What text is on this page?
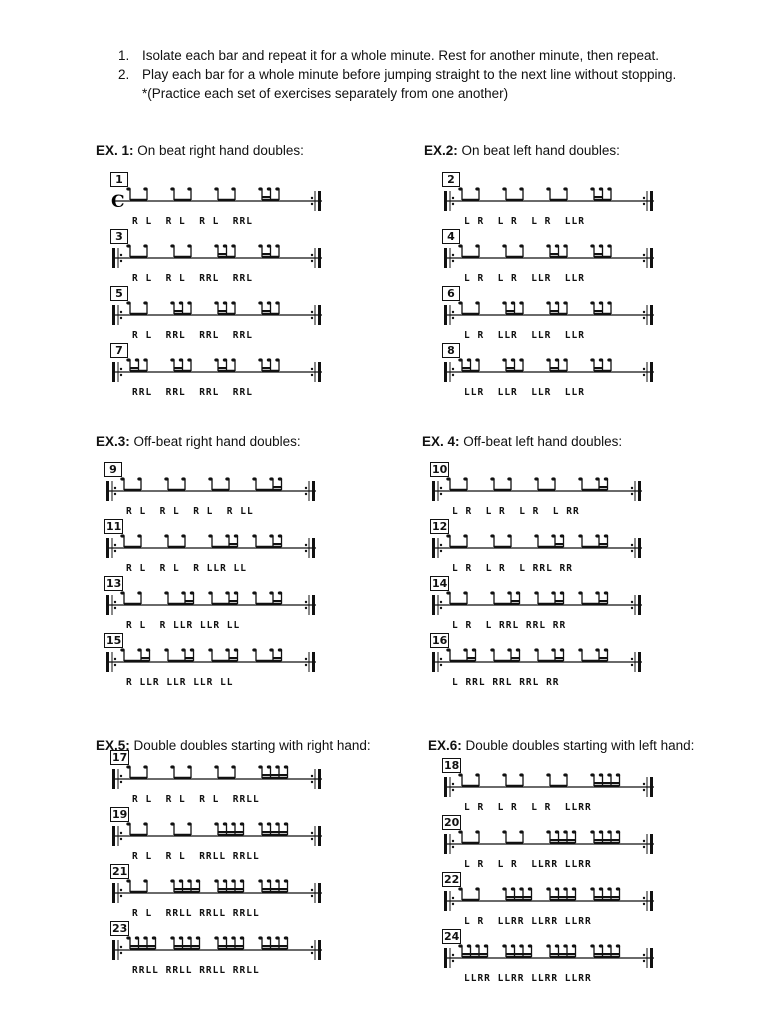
1. Isolate each bar and repeat it for a whole minute. Rest for another minute, then repeat.
2. Play each bar for a whole minute before jumping straight to the next line without stopping.
*(Practice each set of exercises separately from one another)
EX. 1: On beat right hand doubles:
1
C
R L  R L  R L  RRL
3
R L  R L  RRL  RRL
5
R L  RRL  RRL  RRL
7
RRL  RRL  RRL  RRL
EX.2: On beat left hand doubles:
2
L R  L R  L R  LLR
4
L R  L R  LLR  LLR
6
L R  LLR  LLR  LLR
8
LLR  LLR  LLR  LLR
EX.3: Off-beat right hand doubles:
9
R L  R L  R L  R LL
11
R L  R L  R LLR LL
13
R L  R LLR LLR LL
15
R LLR LLR LLR LL
EX. 4: Off-beat left hand doubles:
10
L R  L R  L R  L RR
12
L R  L R  L RRL RR
14
L R  L RRL RRL RR
16
L RRL RRL RRL RR
EX.5: Double doubles starting with right hand:
17
R L  R L  R L  RRLL
19
R L  R L  RRLL RRLL
21
R L  RRLL RRLL RRLL
23
RRLL RRLL RRLL RRLL
EX.6: Double doubles starting with left hand:
18
L R  L R  L R  LLRR
20
L R  L R  LLRR LLRR
22
L R  LLRR LLRR LLRR
24
LLRR LLRR LLRR LLRR
